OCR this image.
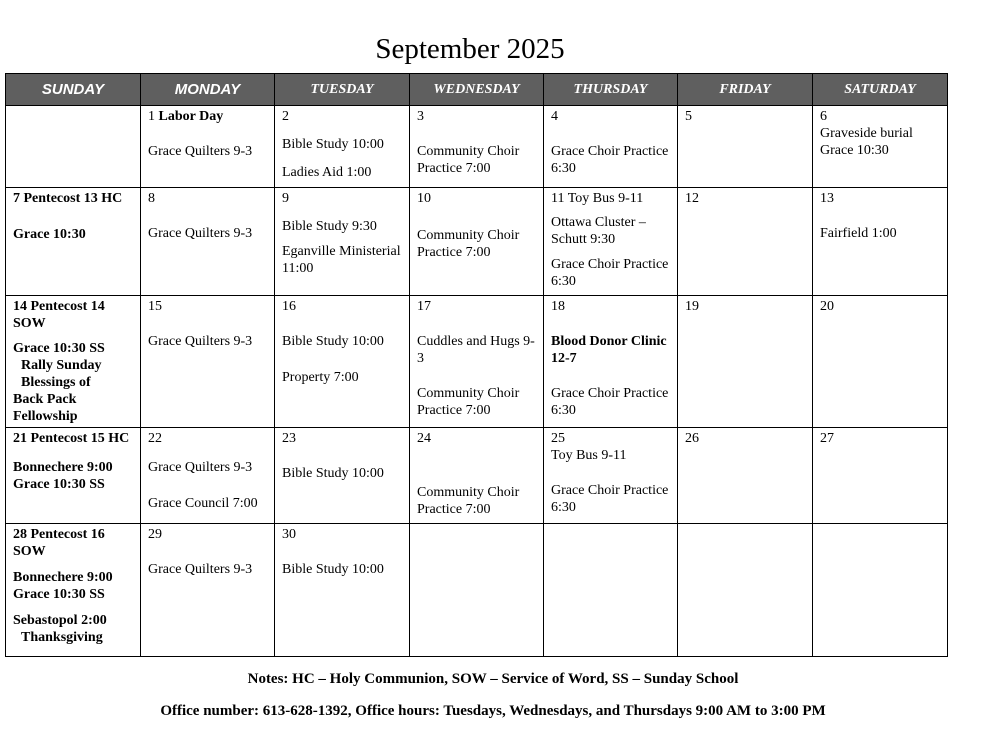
September 2025
SUNDAY	MONDAY	TUESDAY	WEDNESDAY	THURSDAY	FRIDAY	SATURDAY

	1 Labor Day
Grace Quilters 9-3	2
Bible Study 10:00
Ladies Aid 1:00	3
Community Choir Practice 7:00	4
Grace Choir Practice 6:30	5	6
Graveside burial Grace 10:30

7 Pentecost 13 HC
Grace 10:30	8
Grace Quilters 9-3	9
Bible Study 9:30
Eganville Ministerial 11:00	10
Community Choir Practice 7:00	11 Toy Bus 9-11
Ottawa Cluster – Schutt 9:30
Grace Choir Practice 6:30	12	13
Fairfield 1:00

14 Pentecost 14 SOW
Grace 10:30 SS
Rally Sunday
Blessings of
Back Pack Fellowship	15
Grace Quilters 9-3	16
Bible Study 10:00
Property 7:00	17
Cuddles and Hugs 9-3
Community Choir Practice 7:00	18
Blood Donor Clinic 12-7
Grace Choir Practice 6:30	19	20

21 Pentecost 15 HC
Bonnechere 9:00
Grace 10:30 SS	22
Grace Quilters 9-3
Grace Council 7:00	23
Bible Study 10:00	24
Community Choir Practice 7:00	25
Toy Bus 9-11
Grace Choir Practice 6:30	26	27

28 Pentecost 16 SOW
Bonnechere 9:00
Grace 10:30 SS
Sebastopol 2:00
Thanksgiving	29
Grace Quilters 9-3	30
Bible Study 10:00				

Notes: HC – Holy Communion, SOW – Service of Word, SS – Sunday School
Office number: 613-628-1392, Office hours: Tuesdays, Wednesdays, and Thursdays 9:00 AM to 3:00 PM
